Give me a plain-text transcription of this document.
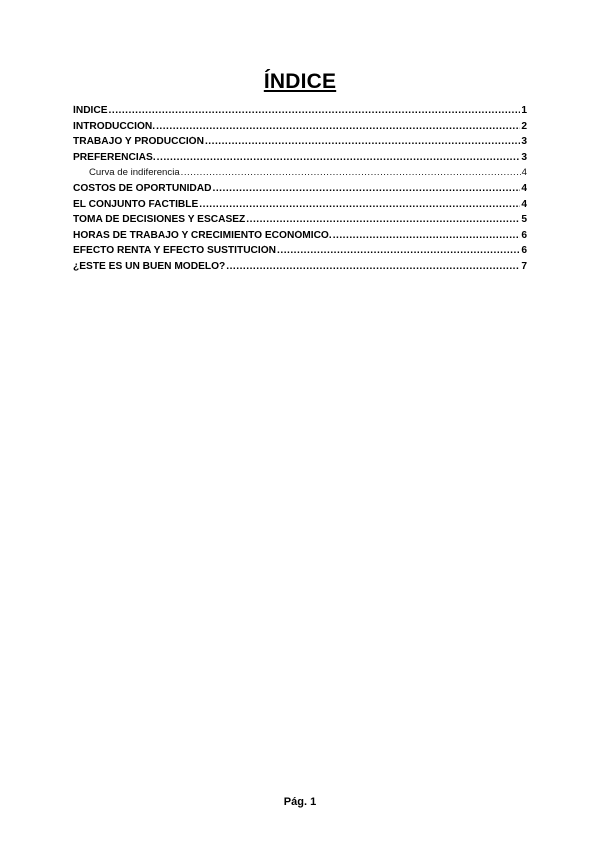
ÍNDICE
ÍNDICE .....	1
INTRODUCCIÓN. .....	2
TRABAJO Y PRODUCCIÓN .....	3
PREFERENCIAS. .....	3
Curva de indiferencia .....	4
COSTOS DE OPORTUNIDAD .....	4
EL CONJUNTO FACTIBLE .....	4
TOMA DE DECISIONES Y ESCASEZ .....	5
HORAS DE TRABAJO Y CRECIMIENTO ECONÓMICO. .....	6
EFECTO RENTA Y EFECTO SUSTITUCIÓN .....	6
¿ESTE ES UN BUEN MODELO? .....	7
Pág. 1
